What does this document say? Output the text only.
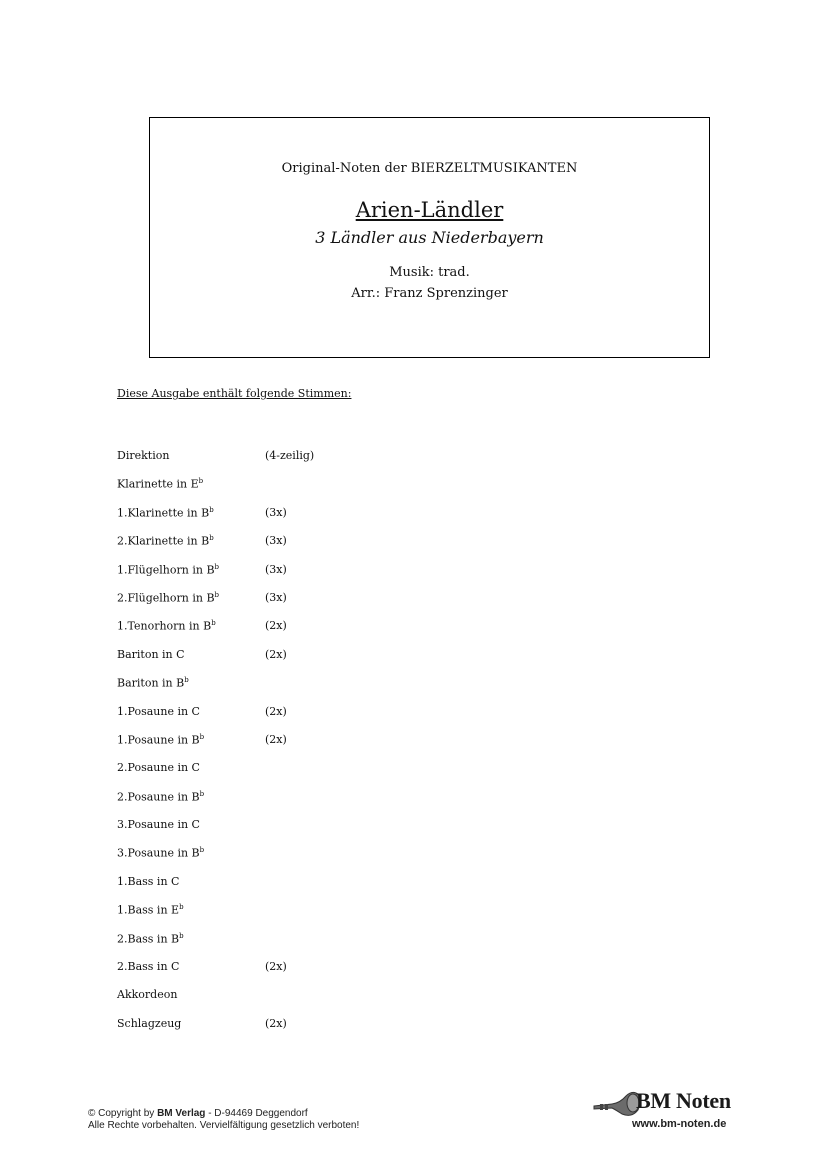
Original-Noten der BIERZELTMUSIKANTEN
Arien-Ländler
3 Ländler aus Niederbayern
Musik: trad.
Arr.: Franz Sprenzinger
Diese Ausgabe enthält folgende Stimmen:
Direktion	(4-zeilig)
Klarinette in $E^b$
1.Klarinette in $B^b$	(3x)
2.Klarinette in $B^b$	(3x)
1.Flügelhorn in $B^b$	(3x)
2.Flügelhorn in $B^b$	(3x)
1.Tenorhorn in $B^b$	(2x)
Bariton in C	(2x)
Bariton in $B^b$
1.Posaune in C	(2x)
1.Posaune in $B^b$	(2x)
2.Posaune in C
2.Posaune in $B^b$
3.Posaune in C
3.Posaune in $B^b$
1.Bass in C
1.Bass in $E^b$
2.Bass in $B^b$
2.Bass in C	(2x)
Akkordeon
Schlagzeug	(2x)
© Copyright by BM Verlag - D-94469 Deggendorf
Alle Rechte vorbehalten. Vervielfältigung gesetzlich verboten!
BM Noten
www.bm-noten.de
